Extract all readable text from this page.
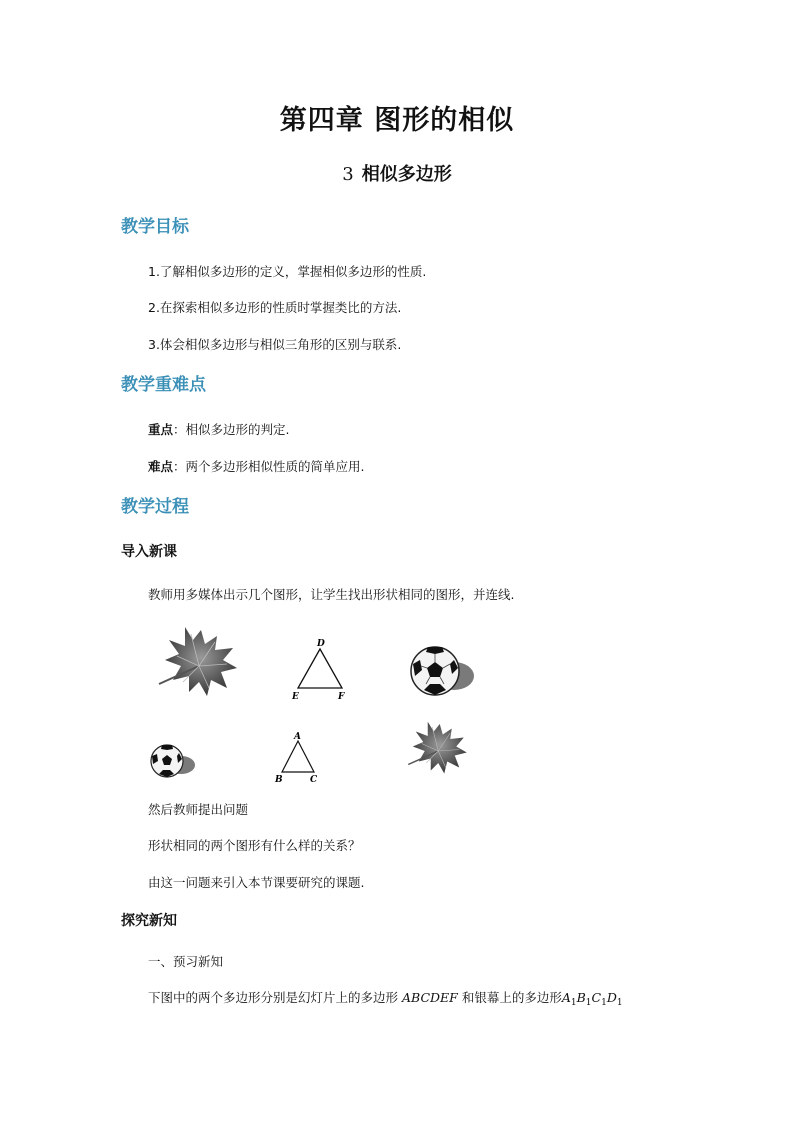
第四章 图形的相似
3 相似多边形
教学目标
1.了解相似多边形的定义，掌握相似多边形的性质.
2.在探索相似多边形的性质时掌握类比的方法.
3.体会相似多边形与相似三角形的区别与联系.
教学重难点
重点：相似多边形的判定.
难点：两个多边形相似性质的简单应用.
教学过程
导入新课
教师用多媒体出示几个图形，让学生找出形状相同的图形，并连线.
D
E	F
A
B	C
然后教师提出问题
形状相同的两个图形有什么样的关系？
由这一问题来引入本节课要研究的课题.
探究新知
一、预习新知
下图中的两个多边形分别是幻灯片上的多边形 ABCDEF 和银幕上的多边形$A_1B_1C_1D_1$
